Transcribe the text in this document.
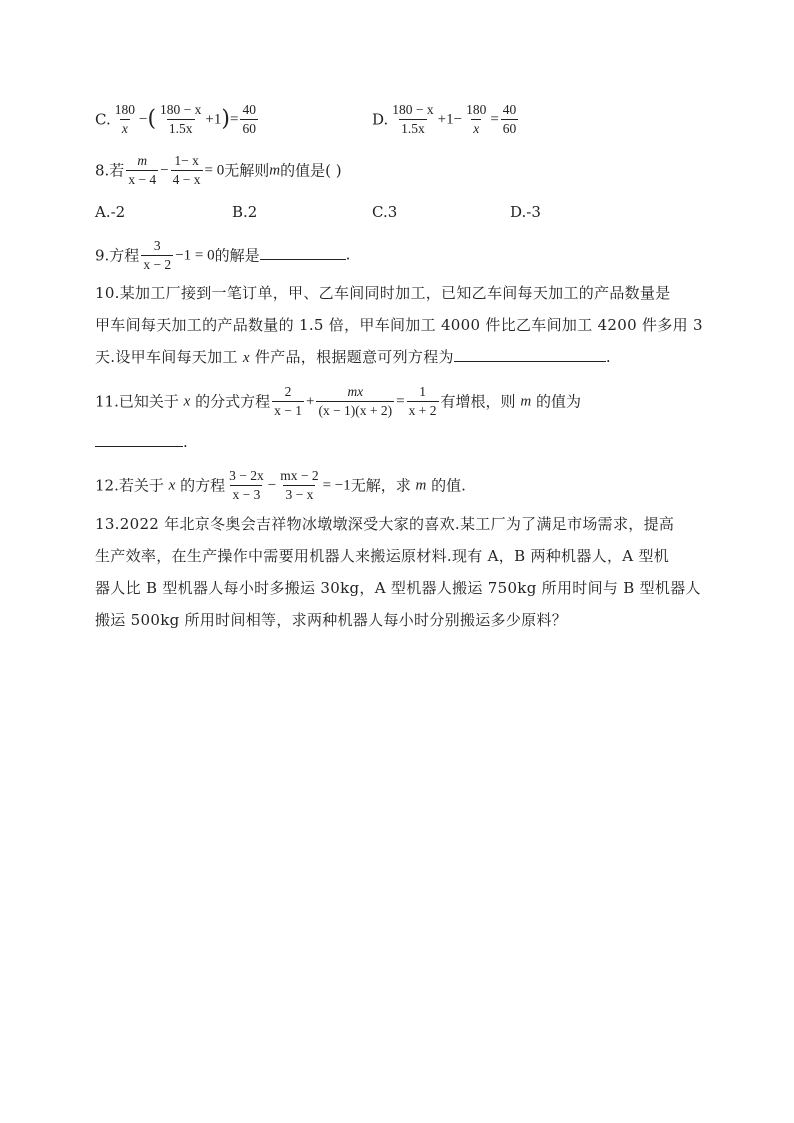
C. $\frac{180}{x}$ −( $\frac{180 - x}{1.5x} +1)= \frac{40}{60}$	D. $\frac{180 - x}{1.5x} +1- \frac{180}{x} = \frac{40}{60}$
8.若 $\frac{m}{x - 4} - \frac{1- x}{4 - x} = 0$无解则m的值是( )
A.-2	B.2	C.3	D.-3
9.方程 $\frac{3}{x - 2} -1 = 0$的解是	.
10.某加工厂接到一笔订单，甲、乙车间同时加工，已知乙车间每天加工的产品数量是
甲车间每天加工的产品数量的 1.5 倍，甲车间加工 4000 件比乙车间加工 4200 件多用 3
天.设甲车间每天加工 x 件产品，根据题意可列方程为	.
11.已知关于 x 的分式方程 $\frac{2}{x - 1} + \frac{mx}{(x - 1)(x + 2)} = \frac{1}{x + 2}$ 有增根，则 m 的值为
.
12.若关于 x 的方程 $\frac{3 - 2x}{x - 3} - \frac{mx - 2}{3 - x} = -1$无解，求 m 的值.
13.2022 年北京冬奥会吉祥物冰墩墩深受大家的喜欢.某工厂为了满足市场需求，提高
生产效率，在生产操作中需要用机器人来搬运原材料.现有 A，B 两种机器人，A 型机
器人比 B 型机器人每小时多搬运 30kg，A 型机器人搬运 750kg 所用时间与 B 型机器人
搬运 500kg 所用时间相等，求两种机器人每小时分别搬运多少原料？
